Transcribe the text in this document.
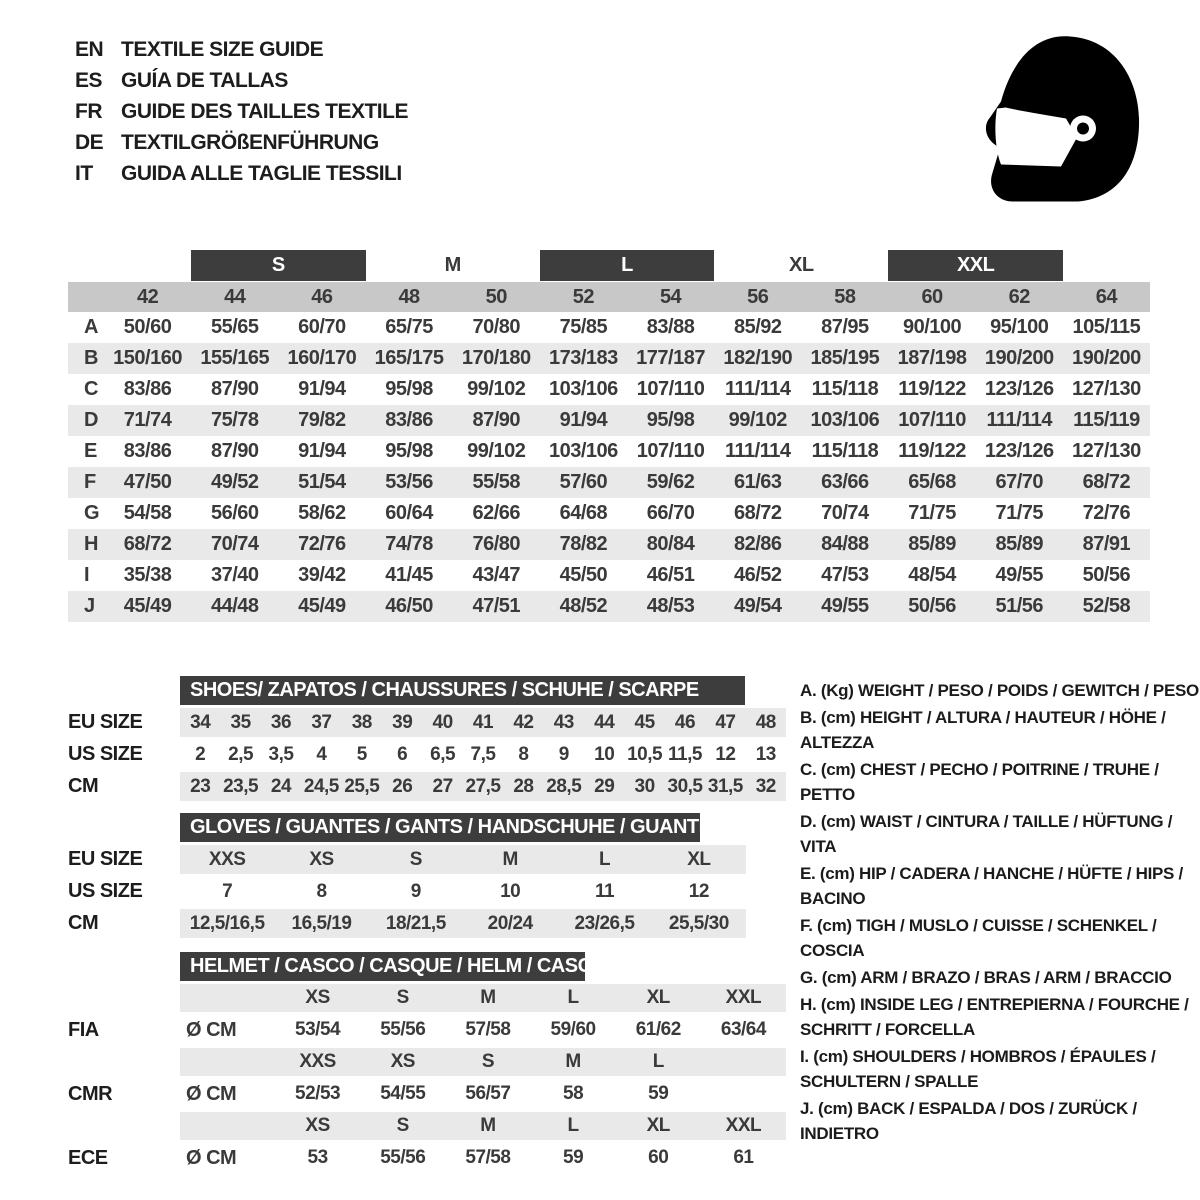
EN TEXTILE SIZE GUIDE
ES GUÍA DE TALLAS
FR GUIDE DES TAILLES TEXTILE
DE TEXTILGRÖßENFÜHRUNG
IT	GUIDA ALLE TAGLIE TESSILI
S	M	L	XL	XXL
42	44	46	48	50	52	54	56	58	60	62	64
A	50/60	55/65	60/70	65/75	70/80	75/85	83/88	85/92	87/95	90/100	95/100	105/115
B 150/160 155/165 160/170 165/175 170/180 173/183 177/187 182/190 185/195 187/198 190/200 190/200
C	83/86	87/90	91/94	95/98	99/102	103/106 107/110	111/114	115/118	119/122 123/126 127/130
D	71/74	75/78	79/82	83/86	87/90	91/94	95/98	99/102	103/106 107/110	111/114	115/119
E	83/86	87/90	91/94	95/98	99/102	103/106 107/110	111/114	115/118	119/122 123/126 127/130
F	47/50	49/52	51/54	53/56	55/58	57/60	59/62	61/63	63/66	65/68	67/70	68/72
G	54/58	56/60	58/62	60/64	62/66	64/68	66/70	68/72	70/74	71/75	71/75	72/76
H	68/72	70/74	72/76	74/78	76/80	78/82	80/84	82/86	84/88	85/89	85/89	87/91
I	35/38	37/40	39/42	41/45	43/47	45/50	46/51	46/52	47/53	48/54	49/55	50/56
J	45/49	44/48	45/49	46/50	47/51	48/52	48/53	49/54	49/55	50/56	51/56	52/58
SHOES/ ZAPATOS / CHAUSSURES / SCHUHE / SCARPE
EU SIZE	34	35	36	37	38	39	40	41	42	43	44	45	46	47	48
US SIZE	2	2,5 3,5	4	5	6	6,5 7,5	8	9	10 10,5 11,5 12	13
CM	23 23,5 24 24,5 25,5 26	27 27,5 28 28,5 29	30 30,5 31,5 32
GLOVES / GUANTES / GANTS / HANDSCHUHE / GUANTI
EU SIZE	XXS	XS	S	M	L	XL
US SIZE	7	8	9	10	11	12
CM	12,5/16,5	16,5/19	18/21,5	20/24	23/26,5	25,5/30
HELMET / CASCO / CASQUE / HELM / CASCO
XS	S	M	L	XL	XXL
FIA	Ø CM	53/54	55/56	57/58	59/60	61/62	63/64
XXS	XS	S	M	L
CMR	Ø CM	52/53	54/55	56/57	58	59
XS	S	M	L	XL	XXL
ECE	Ø CM	53	55/56	57/58	59	60	61
A. (Kg) WEIGHT / PESO / POIDS / GEWITCH / PESO
B. (cm) HEIGHT / ALTURA / HAUTEUR / HÖHE / ALTEZZA
C. (cm) CHEST / PECHO / POITRINE / TRUHE / PETTO
D. (cm) WAIST / CINTURA / TAILLE / HÜFTUNG / VITA
E. (cm) HIP / CADERA / HANCHE / HÜFTE / HIPS / BACINO
F. (cm) TIGH / MUSLO / CUISSE / SCHENKEL / COSCIA
G. (cm) ARM / BRAZO / BRAS / ARM / BRACCIO
H. (cm) INSIDE LEG / ENTREPIERNA / FOURCHE / SCHRITT / FORCELLA
I. (cm) SHOULDERS / HOMBROS / ÉPAULES / SCHULTERN / SPALLE
J. (cm) BACK / ESPALDA / DOS / ZURÜCK / INDIETRO
